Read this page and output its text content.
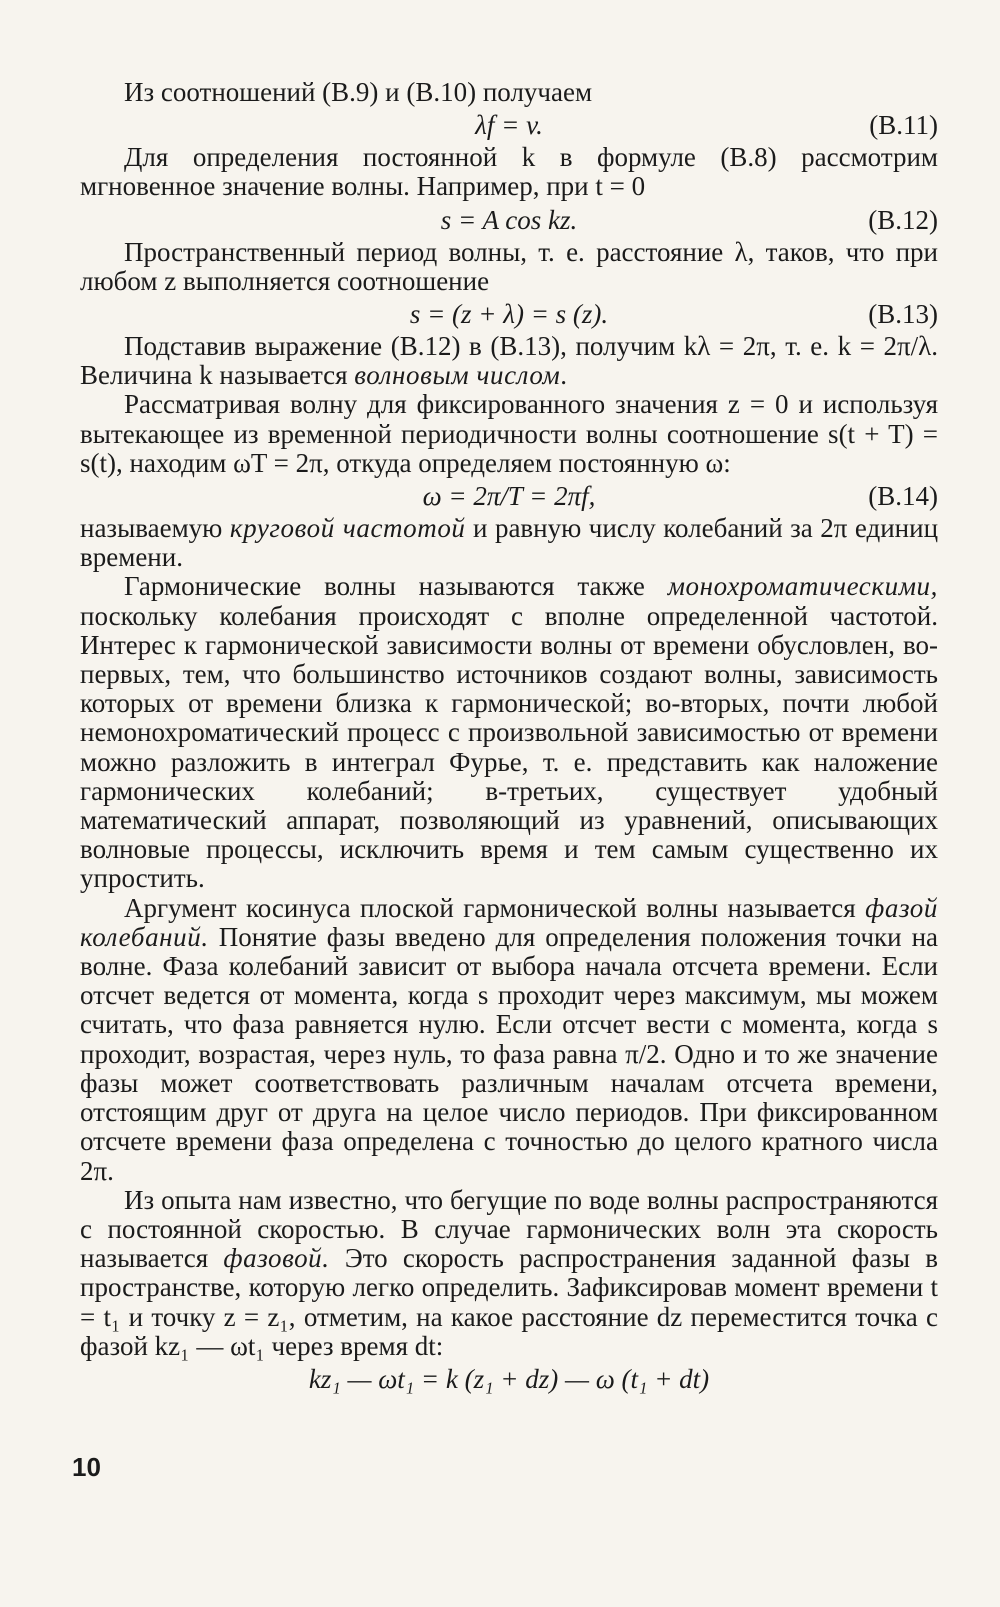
Из соотношений (В.9) и (В.10) получаем

λf = v.	(В.11)

Для определения постоянной k в формуле (В.8) рассмотрим мгновенное значение волны. Например, при t = 0

s = A cos kz.	(В.12)

Пространственный период волны, т. е. расстояние λ, таков, что при любом z выполняется соотношение

s = (z + λ) = s (z).	(В.13)

Подставив выражение (В.12) в (В.13), получим kλ = 2π, т. е. k = 2π/λ. Величина k называется волновым числом.

Рассматривая волну для фиксированного значения z = 0 и используя вытекающее из временной периодичности волны соотношение s(t + T) = s(t), находим ωT = 2π, откуда определяем постоянную ω:

ω = 2π/T = 2πf,	(В.14)

называемую круговой частотой и равную числу колебаний за 2π единиц времени.

Гармонические волны называются также монохроматическими, поскольку колебания происходят с вполне определенной частотой. Интерес к гармонической зависимости волны от времени обусловлен, во-первых, тем, что большинство источников создают волны, зависимость которых от времени близка к гармонической; во-вторых, почти любой немонохроматический процесс с произвольной зависимостью от времени можно разложить в интеграл Фурье, т. е. представить как наложение гармонических колебаний; в-третьих, существует удобный математический аппарат, позволяющий из уравнений, описывающих волновые процессы, исключить время и тем самым существенно их упростить.

Аргумент косинуса плоской гармонической волны называется фазой колебаний. Понятие фазы введено для определения положения точки на волне. Фаза колебаний зависит от выбора начала отсчета времени. Если отсчет ведется от момента, когда s проходит через максимум, мы можем считать, что фаза равняется нулю. Если отсчет вести с момента, когда s проходит, возрастая, через нуль, то фаза равна π/2. Одно и то же значение фазы может соответствовать различным началам отсчета времени, отстоящим друг от друга на целое число периодов. При фиксированном отсчете времени фаза определена с точностью до целого кратного числа 2π.

Из опыта нам известно, что бегущие по воде волны распространяются с постоянной скоростью. В случае гармонических волн эта скорость называется фазовой. Это скорость распространения заданной фазы в пространстве, которую легко определить. Зафиксировав момент времени t = t₁ и точку z = z₁, отметим, на какое расстояние dz переместится точка с фазой kz₁ — ωt₁ через время dt:

kz₁ — ωt₁ = k (z₁ + dz) — ω (t₁ + dt)
10
